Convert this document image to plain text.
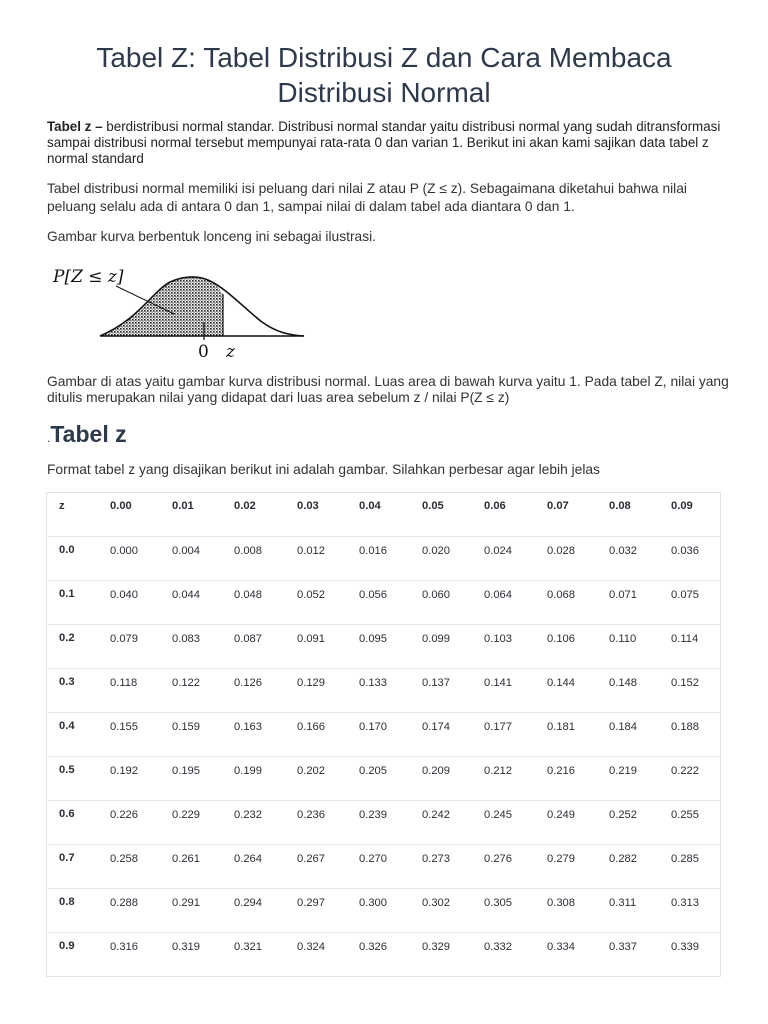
Tabel Z: Tabel Distribusi Z dan Cara Membaca Distribusi Normal

Tabel z – berdistribusi normal standar. Distribusi normal standar yaitu distribusi normal yang sudah ditransformasi sampai distribusi normal tersebut mempunyai rata-rata 0 dan varian 1. Berikut ini akan kami sajikan data tabel z normal standard

Tabel distribusi normal memiliki isi peluang dari nilai Z atau P (Z ≤ z). Sebagaimana diketahui bahwa nilai peluang selalu ada di antara 0 dan 1, sampai nilai di dalam tabel ada diantara 0 dan 1.

Gambar kurva berbentuk lonceng ini sebagai ilustrasi.

P[Z ≤ z]
0 z

Gambar di atas yaitu gambar kurva distribusi normal. Luas area di bawah kurva yaitu 1. Pada tabel Z, nilai yang ditulis merupakan nilai yang didapat dari luas area sebelum z / nilai P(Z ≤ z)

.Tabel z

Format tabel z yang disajikan berikut ini adalah gambar. Silahkan perbesar agar lebih jelas

z	0.00	0.01	0.02	0.03	0.04	0.05	0.06	0.07	0.08	0.09
0.0	0.000	0.004	0.008	0.012	0.016	0.020	0.024	0.028	0.032	0.036
0.1	0.040	0.044	0.048	0.052	0.056	0.060	0.064	0.068	0.071	0.075
0.2	0.079	0.083	0.087	0.091	0.095	0.099	0.103	0.106	0.110	0.114
0.3	0.118	0.122	0.126	0.129	0.133	0.137	0.141	0.144	0.148	0.152
0.4	0.155	0.159	0.163	0.166	0.170	0.174	0.177	0.181	0.184	0.188
0.5	0.192	0.195	0.199	0.202	0.205	0.209	0.212	0.216	0.219	0.222
0.6	0.226	0.229	0.232	0.236	0.239	0.242	0.245	0.249	0.252	0.255
0.7	0.258	0.261	0.264	0.267	0.270	0.273	0.276	0.279	0.282	0.285
0.8	0.288	0.291	0.294	0.297	0.300	0.302	0.305	0.308	0.311	0.313
0.9	0.316	0.319	0.321	0.324	0.326	0.329	0.332	0.334	0.337	0.339
